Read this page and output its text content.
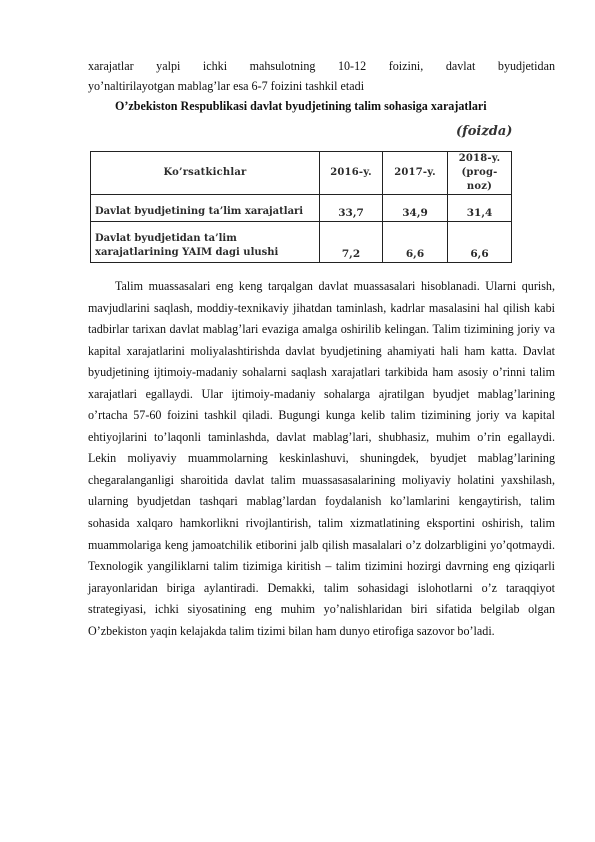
xarajatlar yalpi ichki mahsulotning 10-12 foizini, davlat byudjetidan
yo’naltirilayotgan mablag’lar esa 6-7 foizini tashkil etadi

O’zbekiston Respublikasi davlat byudjetining talim sohasiga xarajatlari
(foizda)
Ko’rsatkichlar	2016-y.	2017-y.	2018-y.
(prog-noz)
Davlat byudjetining ta’lim xarajatlari	33,7	34,9	31,4
Davlat byudjetidan ta’lim
xarajatlarining YAIM dagi ulushi	7,2	6,6	6,6

Talim muassasalari eng keng tarqalgan davlat muassasalari hisoblanadi. Ularni qurish, mavjudlarini saqlash, moddiy-texnikaviy jihatdan taminlash, kadrlar masalasini hal qilish kabi tadbirlar tarixan davlat mablag’lari evaziga amalga oshirilib kelingan. Talim tizimining joriy va kapital xarajatlarini moliyalashtirishda davlat byudjetining ahamiyati hali ham katta. Davlat byudjetining ijtimoiy-madaniy sohalarni saqlash xarajatlari tarkibida ham asosiy o’rinni talim xarajatlari egallaydi. Ular ijtimoiy-madaniy sohalarga ajratilgan byudjet mablag’larining o’rtacha 57-60 foizini tashkil qiladi. Bugungi kunga kelib talim tizimining joriy va kapital ehtiyojlarini to’laqonli taminlashda, davlat mablag’lari, shubhasiz, muhim o’rin egallaydi. Lekin moliyaviy muammolarning keskinlashuvi, shuningdek, byudjet mablag’larining chegaralanganligi sharoitida davlat talim muassasasalarining moliyaviy holatini yaxshilash, ularning byudjetdan tashqari mablag’lardan foydalanish ko’lamlarini kengaytirish, talim sohasida xalqaro hamkorlikni rivojlantirish, talim xizmatlatining eksportini oshirish, talim muammolariga keng jamoatchilik etiborini jalb qilish masalalari o’z dolzarbligini yo’qotmaydi. Texnologik yangiliklarni talim tizimiga kiritish – talim tizimini hozirgi davrning eng qiziqarli jarayonlaridan biriga aylantiradi. Demakki, talim sohasidagi islohotlarni o’z taraqqiyot strategiyasi, ichki siyosatining eng muhim yo’nalishlaridan biri sifatida belgilab olgan O’zbekiston yaqin kelajakda talim tizimi bilan ham dunyo etirofiga sazovor bo’ladi.
